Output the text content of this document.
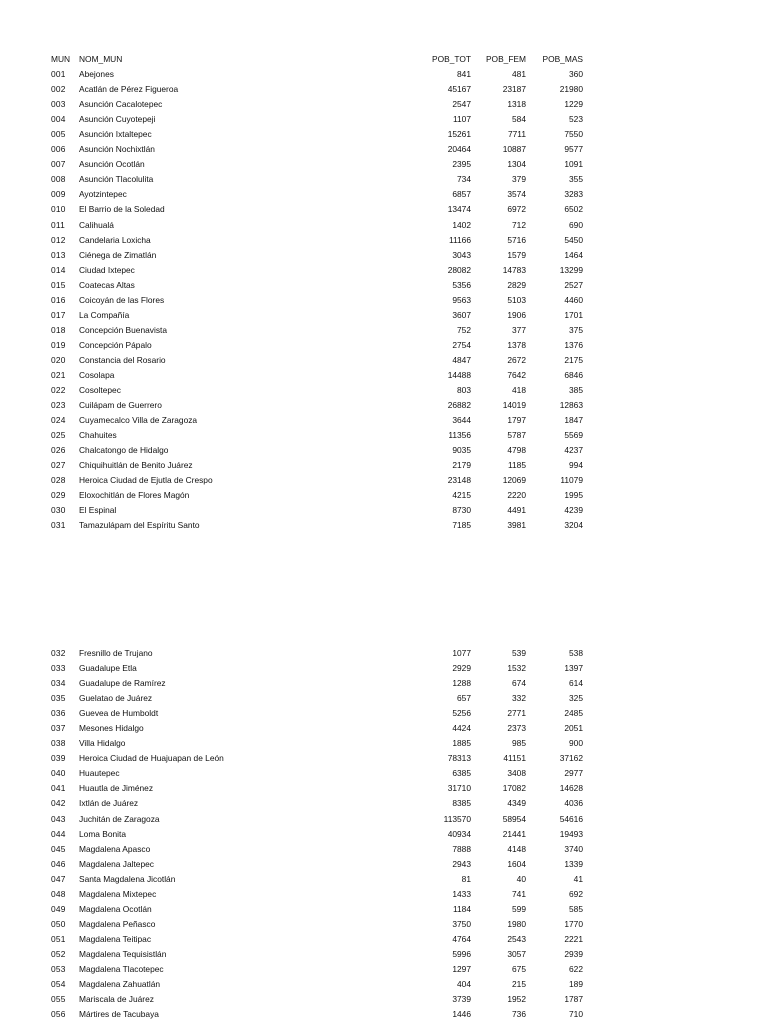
MUN	NOM_MUN	POB_TOT	POB_FEM	POB_MAS
001	Abejones	841	481	360
002	Acatlán de Pérez Figueroa	45167	23187	21980
003	Asunción Cacalotepec	2547	1318	1229
004	Asunción Cuyotepeji	1107	584	523
005	Asunción Ixtaltepec	15261	7711	7550
006	Asunción Nochixtlán	20464	10887	9577
007	Asunción Ocotlán	2395	1304	1091
008	Asunción Tlacolulita	734	379	355
009	Ayotzintepec	6857	3574	3283
010	El Barrio de la Soledad	13474	6972	6502
011	Calihualá	1402	712	690
012	Candelaria Loxicha	11166	5716	5450
013	Ciénega de Zimatlán	3043	1579	1464
014	Ciudad Ixtepec	28082	14783	13299
015	Coatecas Altas	5356	2829	2527
016	Coicoyán de las Flores	9563	5103	4460
017	La Compañía	3607	1906	1701
018	Concepción Buenavista	752	377	375
019	Concepción Pápalo	2754	1378	1376
020	Constancia del Rosario	4847	2672	2175
021	Cosolapa	14488	7642	6846
022	Cosoltepec	803	418	385
023	Cuilápam de Guerrero	26882	14019	12863
024	Cuyamecalco Villa de Zaragoza	3644	1797	1847
025	Chahuites	11356	5787	5569
026	Chalcatongo de Hidalgo	9035	4798	4237
027	Chiquihuitlán de Benito Juárez	2179	1185	994
028	Heroica Ciudad de Ejutla de Crespo	23148	12069	11079
029	Eloxochitlán de Flores Magón	4215	2220	1995
030	El Espinal	8730	4491	4239
031	Tamazulápam del Espíritu Santo	7185	3981	3204
032	Fresnillo de Trujano	1077	539	538
033	Guadalupe Etla	2929	1532	1397
034	Guadalupe de Ramírez	1288	674	614
035	Guelatao de Juárez	657	332	325
036	Guevea de Humboldt	5256	2771	2485
037	Mesones Hidalgo	4424	2373	2051
038	Villa Hidalgo	1885	985	900
039	Heroica Ciudad de Huajuapan de León	78313	41151	37162
040	Huautepec	6385	3408	2977
041	Huautla de Jiménez	31710	17082	14628
042	Ixtlán de Juárez	8385	4349	4036
043	Juchitán de Zaragoza	113570	58954	54616
044	Loma Bonita	40934	21441	19493
045	Magdalena Apasco	7888	4148	3740
046	Magdalena Jaltepec	2943	1604	1339
047	Santa Magdalena Jicotlán	81	40	41
048	Magdalena Mixtepec	1433	741	692
049	Magdalena Ocotlán	1184	599	585
050	Magdalena Peñasco	3750	1980	1770
051	Magdalena Teitipac	4764	2543	2221
052	Magdalena Tequisistlán	5996	3057	2939
053	Magdalena Tlacotepec	1297	675	622
054	Magdalena Zahuatlán	404	215	189
055	Mariscala de Juárez	3739	1952	1787
056	Mártires de Tacubaya	1446	736	710
